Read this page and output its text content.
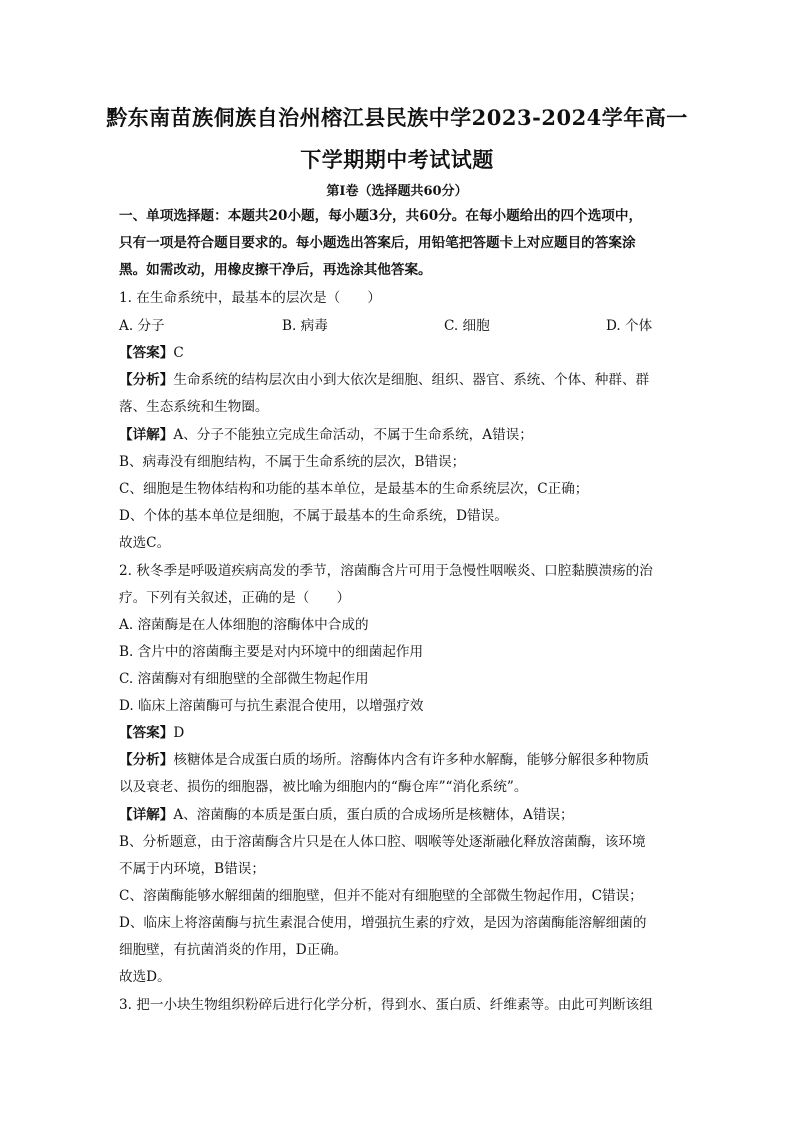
黔东南苗族侗族自治州榕江县民族中学2023-2024学年高一
下学期期中考试试题
第I卷（选择题共60分）
一、单项选择题：本题共20小题，每小题3分，共60分。在每小题给出的四个选项中，
只有一项是符合题目要求的。每小题选出答案后，用铅笔把答题卡上对应题目的答案涂
黑。如需改动，用橡皮擦干净后，再选涂其他答案。
1. 在生命系统中，最基本的层次是（　　）
A. 分子	B. 病毒	C. 细胞	D. 个体
【答案】C
【分析】生命系统的结构层次由小到大依次是细胞、组织、器官、系统、个体、种群、群
落、生态系统和生物圈。
【详解】A、分子不能独立完成生命活动，不属于生命系统，A错误；
B、病毒没有细胞结构，不属于生命系统的层次，B错误；
C、细胞是生物体结构和功能的基本单位，是最基本的生命系统层次，C正确；
D、个体的基本单位是细胞，不属于最基本的生命系统，D错误。
故选C。
2. 秋冬季是呼吸道疾病高发的季节，溶菌酶含片可用于急慢性咽喉炎、口腔黏膜溃疡的治
疗。下列有关叙述，正确的是（　　）
A. 溶菌酶是在人体细胞的溶酶体中合成的
B. 含片中的溶菌酶主要是对内环境中的细菌起作用
C. 溶菌酶对有细胞壁的全部微生物起作用
D. 临床上溶菌酶可与抗生素混合使用，以增强疗效
【答案】D
【分析】核糖体是合成蛋白质的场所。溶酶体内含有许多种水解酶，能够分解很多种物质
以及衰老、损伤的细胞器，被比喻为细胞内的“酶仓库”“消化系统”。
【详解】A、溶菌酶的本质是蛋白质，蛋白质的合成场所是核糖体，A错误；
B、分析题意，由于溶菌酶含片只是在人体口腔、咽喉等处逐渐融化释放溶菌酶，该环境
不属于内环境，B错误；
C、溶菌酶能够水解细菌的细胞壁，但并不能对有细胞壁的全部微生物起作用，C错误；
D、临床上将溶菌酶与抗生素混合使用，增强抗生素的疗效，是因为溶菌酶能溶解细菌的
细胞壁，有抗菌消炎的作用，D正确。
故选D。
3. 把一小块生物组织粉碎后进行化学分析，得到水、蛋白质、纤维素等。由此可判断该组
